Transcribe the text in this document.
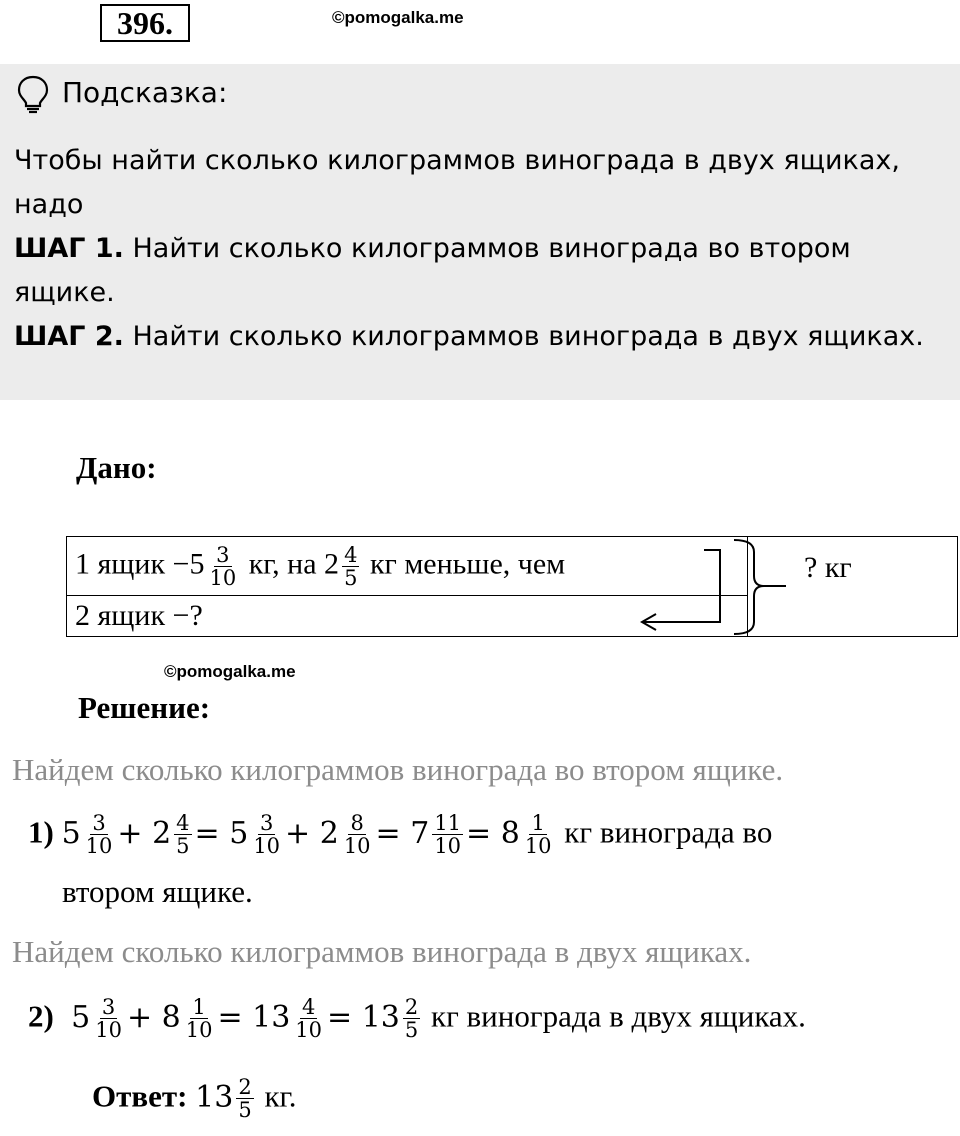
396.	©pomogalka.me
Подсказка:
Чтобы найти сколько килограммов винограда в двух ящиках,
надо
ШАГ 1. Найти сколько килограммов винограда во втором
ящике.
ШАГ 2. Найти сколько килограммов винограда в двух ящиках.
Дано:
1 ящик $-5 \frac{3}{10}$ кг, на $2 \frac{4}{5}$ кг меньше, чем	? кг
2 ящик −?
©pomogalka.me
Решение:
Найдем сколько килограммов винограда во втором ящике.
1) $5 \frac{3}{10} + 2 \frac{4}{5} = 5 \frac{3}{10} + 2 \frac{8}{10} = 7 \frac{11}{10} = 8 \frac{1}{10}$ кг винограда во
втором ящике.
Найдем сколько килограммов винограда в двух ящиках.
2)  $5 \frac{3}{10} + 8 \frac{1}{10} = 13 \frac{4}{10} = 13 \frac{2}{5}$ кг винограда в двух ящиках.
Ответ: $13 \frac{2}{5}$ кг.
